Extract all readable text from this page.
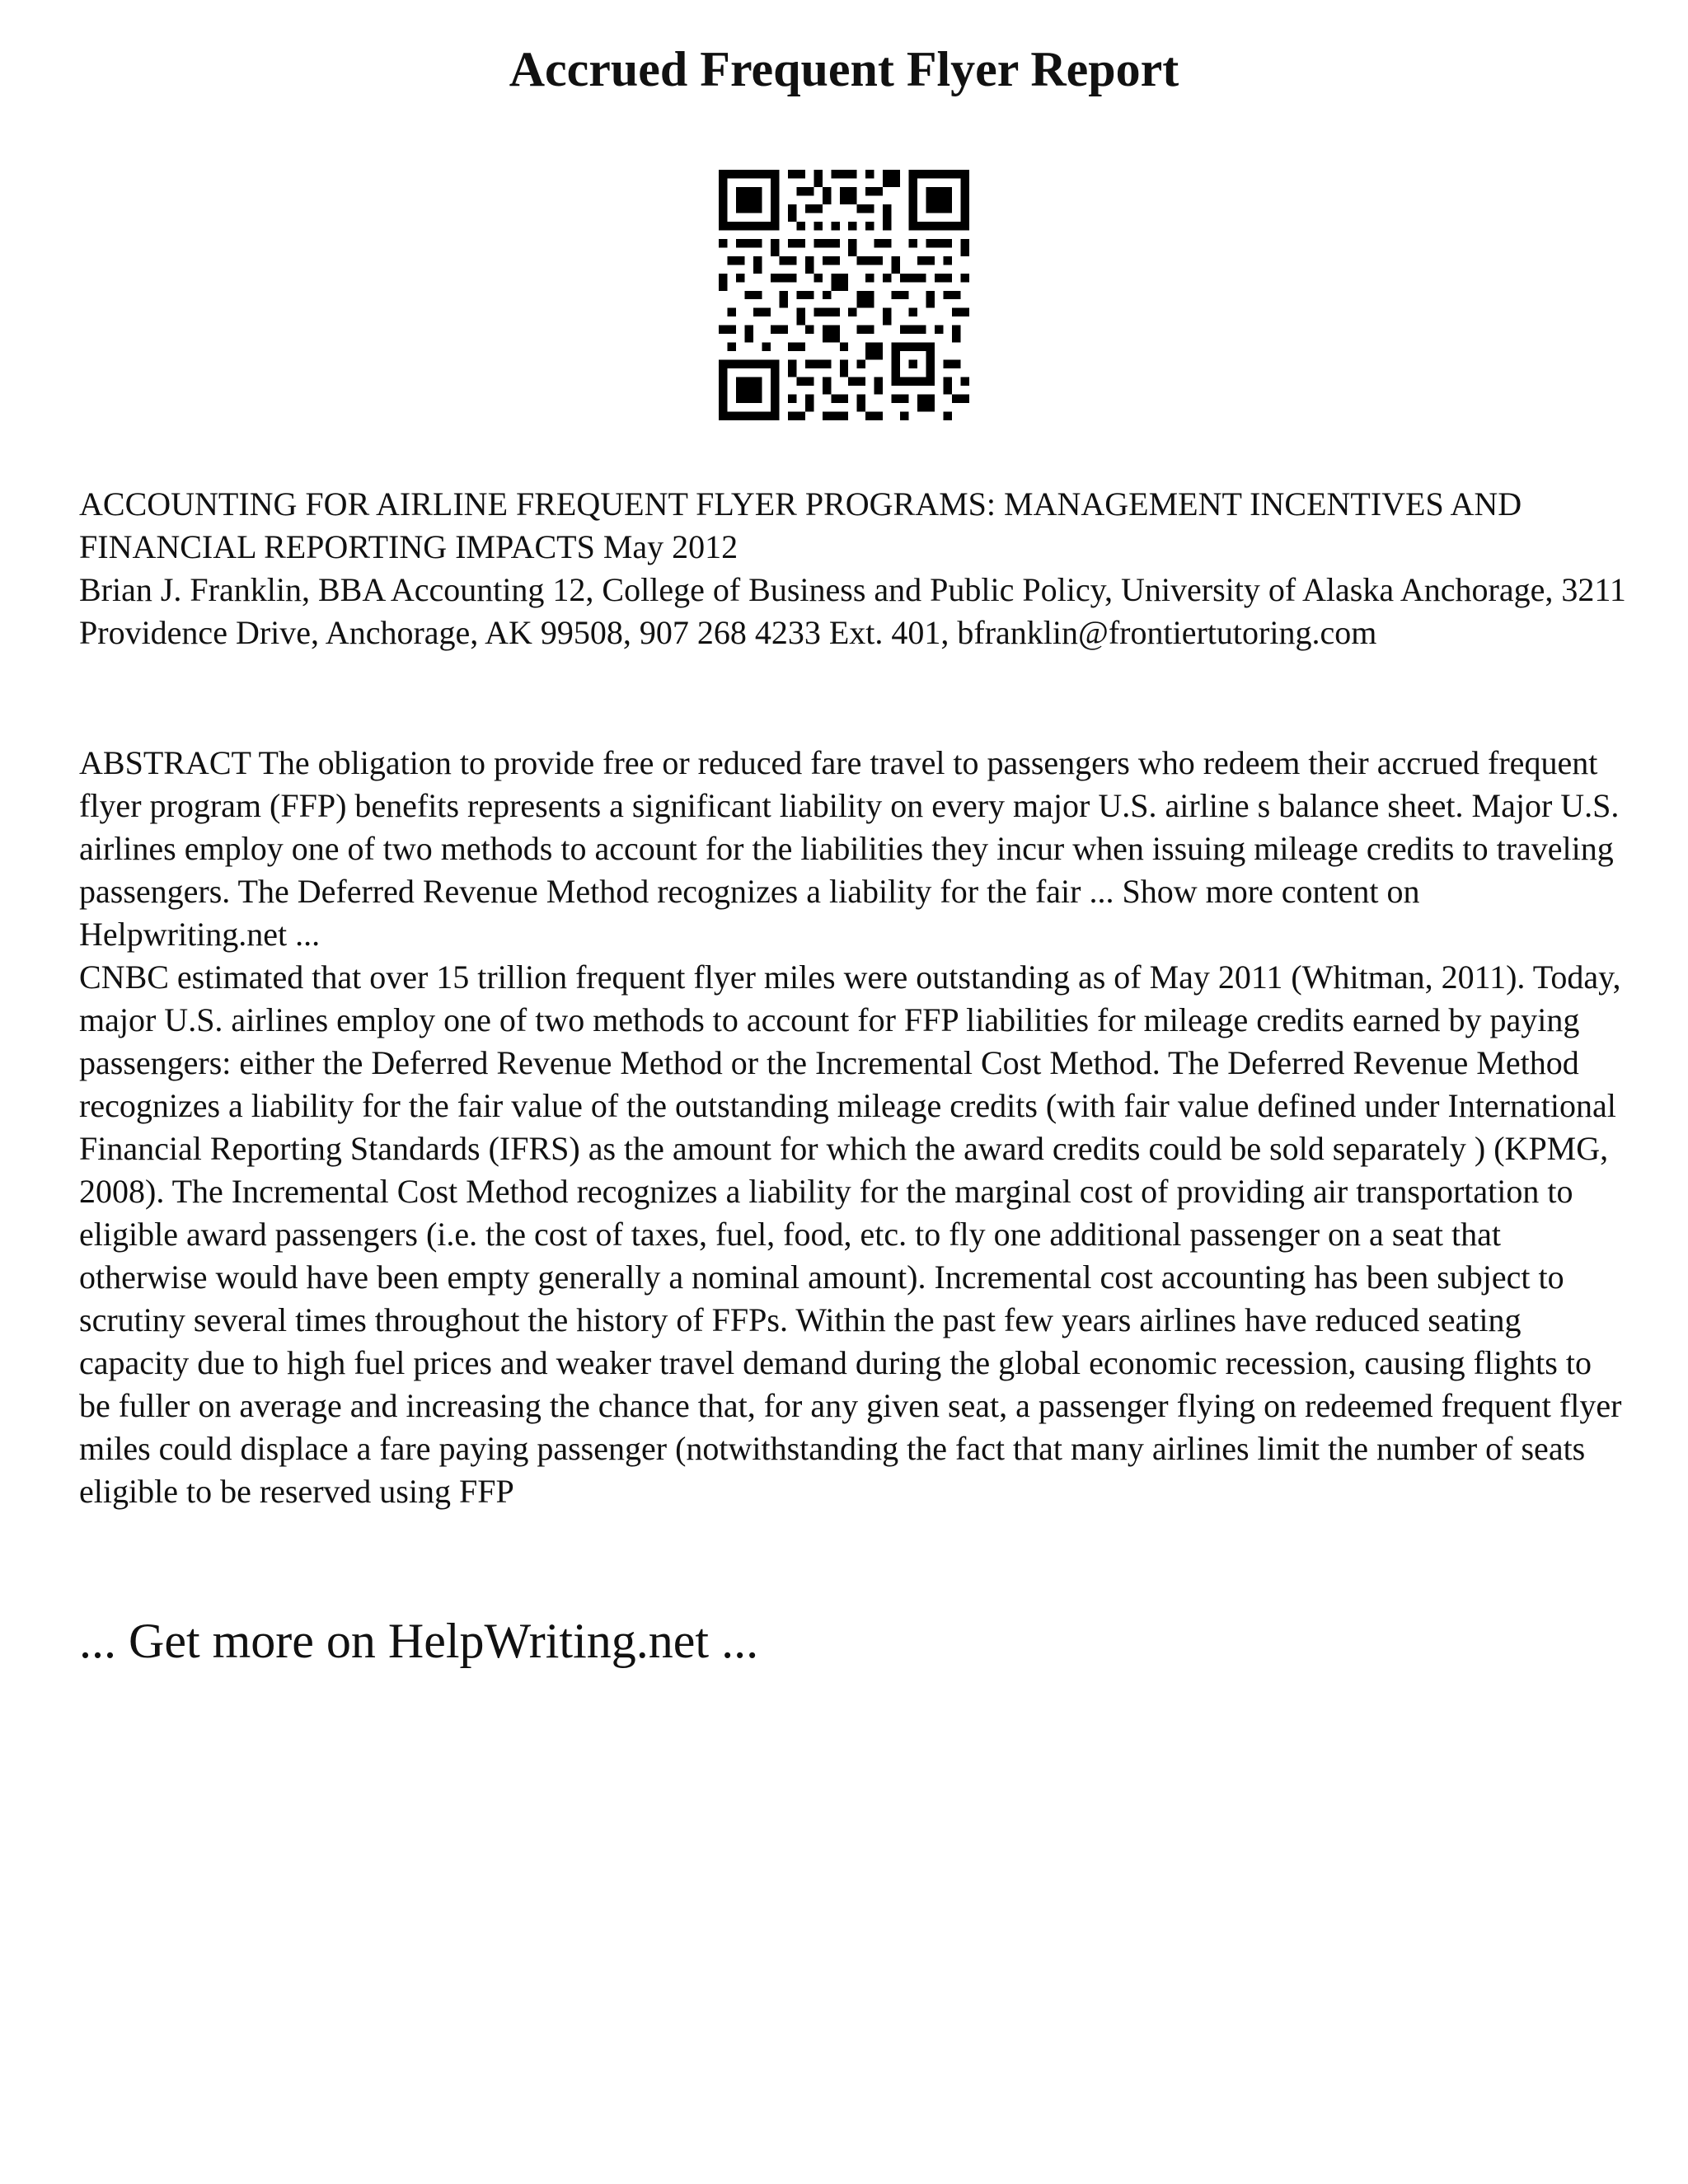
Accrued Frequent Flyer Report

ACCOUNTING FOR AIRLINE FREQUENT FLYER PROGRAMS: MANAGEMENT INCENTIVES AND FINANCIAL REPORTING IMPACTS May 2012
Brian J. Franklin, BBA Accounting 12, College of Business and Public Policy, University of Alaska Anchorage, 3211 Providence Drive, Anchorage, AK 99508, 907 268 4233 Ext. 401, bfranklin@frontiertutoring.com

ABSTRACT The obligation to provide free or reduced fare travel to passengers who redeem their accrued frequent flyer program (FFP) benefits represents a significant liability on every major U.S. airline s balance sheet. Major U.S. airlines employ one of two methods to account for the liabilities they incur when issuing mileage credits to traveling passengers. The Deferred Revenue Method recognizes a liability for the fair ... Show more content on Helpwriting.net ...
CNBC estimated that over 15 trillion frequent flyer miles were outstanding as of May 2011 (Whitman, 2011). Today, major U.S. airlines employ one of two methods to account for FFP liabilities for mileage credits earned by paying passengers: either the Deferred Revenue Method or the Incremental Cost Method. The Deferred Revenue Method recognizes a liability for the fair value of the outstanding mileage credits (with fair value defined under International Financial Reporting Standards (IFRS) as the amount for which the award credits could be sold separately ) (KPMG, 2008). The Incremental Cost Method recognizes a liability for the marginal cost of providing air transportation to eligible award passengers (i.e. the cost of taxes, fuel, food, etc. to fly one additional passenger on a seat that otherwise would have been empty generally a nominal amount). Incremental cost accounting has been subject to scrutiny several times throughout the history of FFPs. Within the past few years airlines have reduced seating capacity due to high fuel prices and weaker travel demand during the global economic recession, causing flights to be fuller on average and increasing the chance that, for any given seat, a passenger flying on redeemed frequent flyer miles could displace a fare paying passenger (notwithstanding the fact that many airlines limit the number of seats eligible to be reserved using FFP

... Get more on HelpWriting.net ...
